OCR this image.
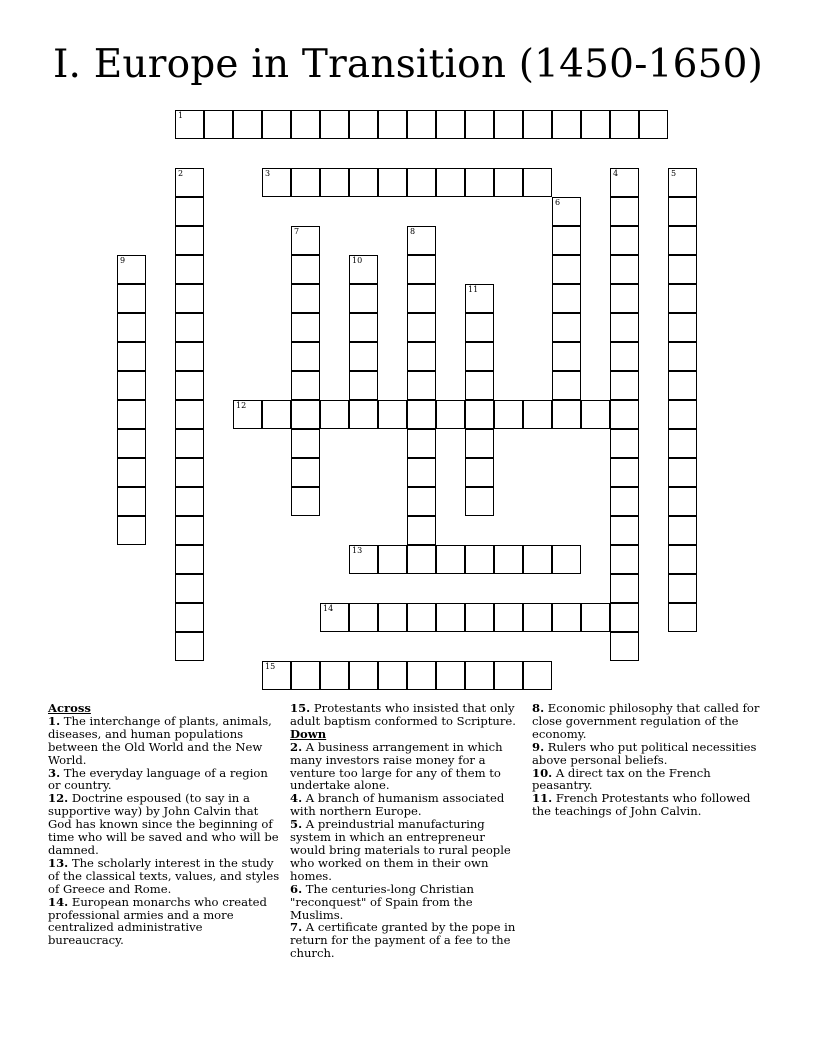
I. Europe in Transition (1450-1650)
1
2	3	4	5
6
7	8
9	10
11
12
13
14
15
Across

1. The interchange of plants, animals, diseases, and human populations between the Old World and the New World.

3. The everyday language of a region or country.

12. Doctrine espoused (to say in a supportive way) by John Calvin that God has known since the beginning of time who will be saved and who will be damned.

13. The scholarly interest in the study of the classical texts, values, and styles of Greece and Rome.

14. European monarchs who created professional armies and a more centralized administrative bureaucracy.

15. Protestants who insisted that only adult baptism conformed to Scripture.

Down

2. A business arrangement in which many investors raise money for a venture too large for any of them to undertake alone.

4. A branch of humanism associated with northern Europe.

5. A preindustrial manufacturing system in which an entrepreneur would bring materials to rural people who worked on them in their own homes.

6. The centuries-long Christian "reconquest" of Spain from the Muslims.

7. A certificate granted by the pope in return for the payment of a fee to the church.

8. Economic philosophy that called for close government regulation of the economy.

9. Rulers who put political necessities above personal beliefs.

10. A direct tax on the French peasantry.

11. French Protestants who followed the teachings of John Calvin.
